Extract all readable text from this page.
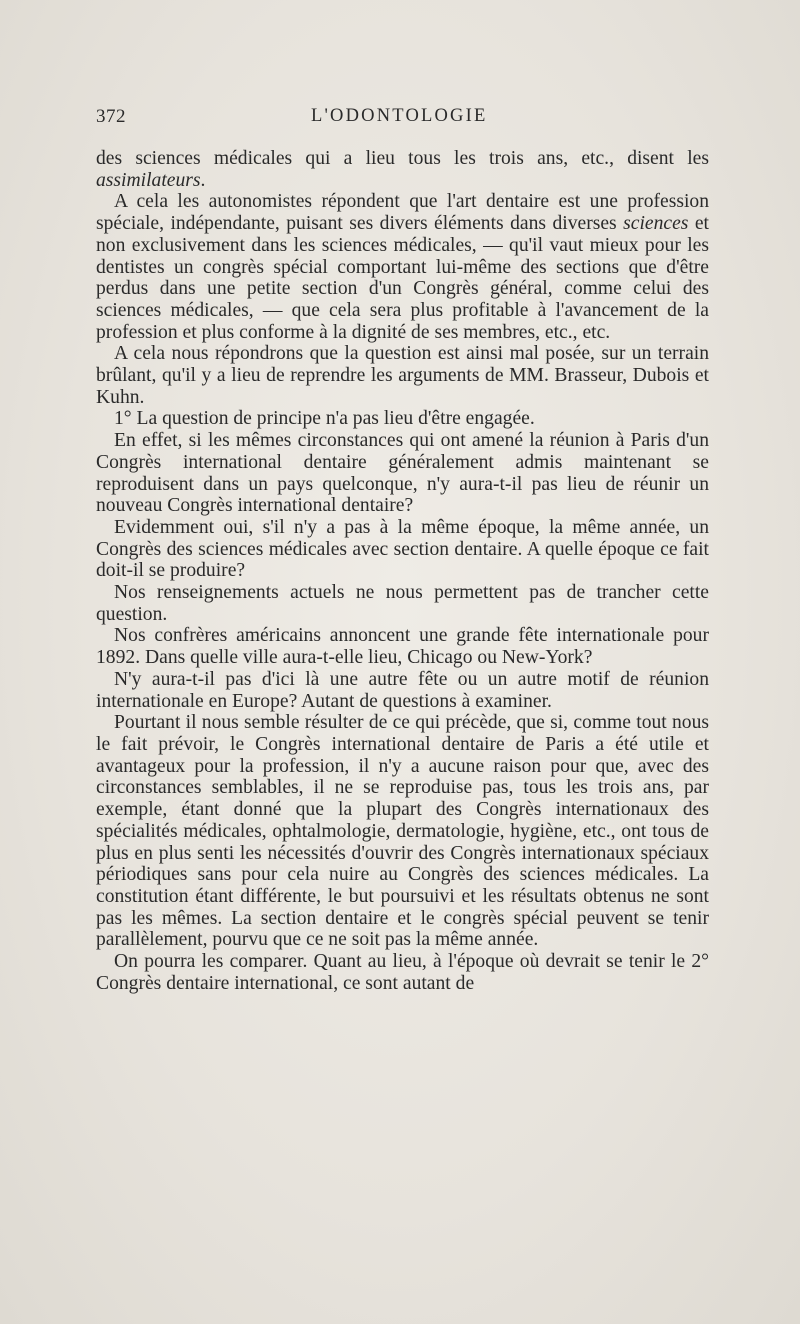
372	L'ODONTOLOGIE

des sciences médicales qui a lieu tous les trois ans, etc., disent les assimilateurs.

A cela les autonomistes répondent que l'art dentaire est une profession spéciale, indépendante, puisant ses divers éléments dans diverses sciences et non exclusivement dans les sciences médicales, — qu'il vaut mieux pour les dentistes un congrès spécial comportant lui-même des sections que d'être perdus dans une petite section d'un Congrès général, comme celui des sciences médicales, — que cela sera plus profitable à l'avancement de la profession et plus conforme à la dignité de ses membres, etc., etc.

A cela nous répondrons que la question est ainsi mal posée, sur un terrain brûlant, qu'il y a lieu de reprendre les arguments de MM. Brasseur, Dubois et Kuhn.

1° La question de principe n'a pas lieu d'être engagée.

En effet, si les mêmes circonstances qui ont amené la réunion à Paris d'un Congrès international dentaire généralement admis maintenant se reproduisent dans un pays quelconque, n'y aura-t-il pas lieu de réunir un nouveau Congrès international dentaire?

Evidemment oui, s'il n'y a pas à la même époque, la même année, un Congrès des sciences médicales avec section dentaire. A quelle époque ce fait doit-il se produire?

Nos renseignements actuels ne nous permettent pas de trancher cette question.

Nos confrères américains annoncent une grande fête internationale pour 1892. Dans quelle ville aura-t-elle lieu, Chicago ou New-York?

N'y aura-t-il pas d'ici là une autre fête ou un autre motif de réunion internationale en Europe? Autant de questions à examiner.

Pourtant il nous semble résulter de ce qui précède, que si, comme tout nous le fait prévoir, le Congrès international dentaire de Paris a été utile et avantageux pour la profession, il n'y a aucune raison pour que, avec des circonstances semblables, il ne se reproduise pas, tous les trois ans, par exemple, étant donné que la plupart des Congrès internationaux des spécialités médicales, ophtalmologie, dermatologie, hygiène, etc., ont tous de plus en plus senti les nécessités d'ouvrir des Congrès internationaux spéciaux périodiques sans pour cela nuire au Congrès des sciences médicales. La constitution étant différente, le but poursuivi et les résultats obtenus ne sont pas les mêmes. La section dentaire et le congrès spécial peuvent se tenir parallèlement, pourvu que ce ne soit pas la même année.

On pourra les comparer. Quant au lieu, à l'époque où devrait se tenir le 2° Congrès dentaire international, ce sont autant de
